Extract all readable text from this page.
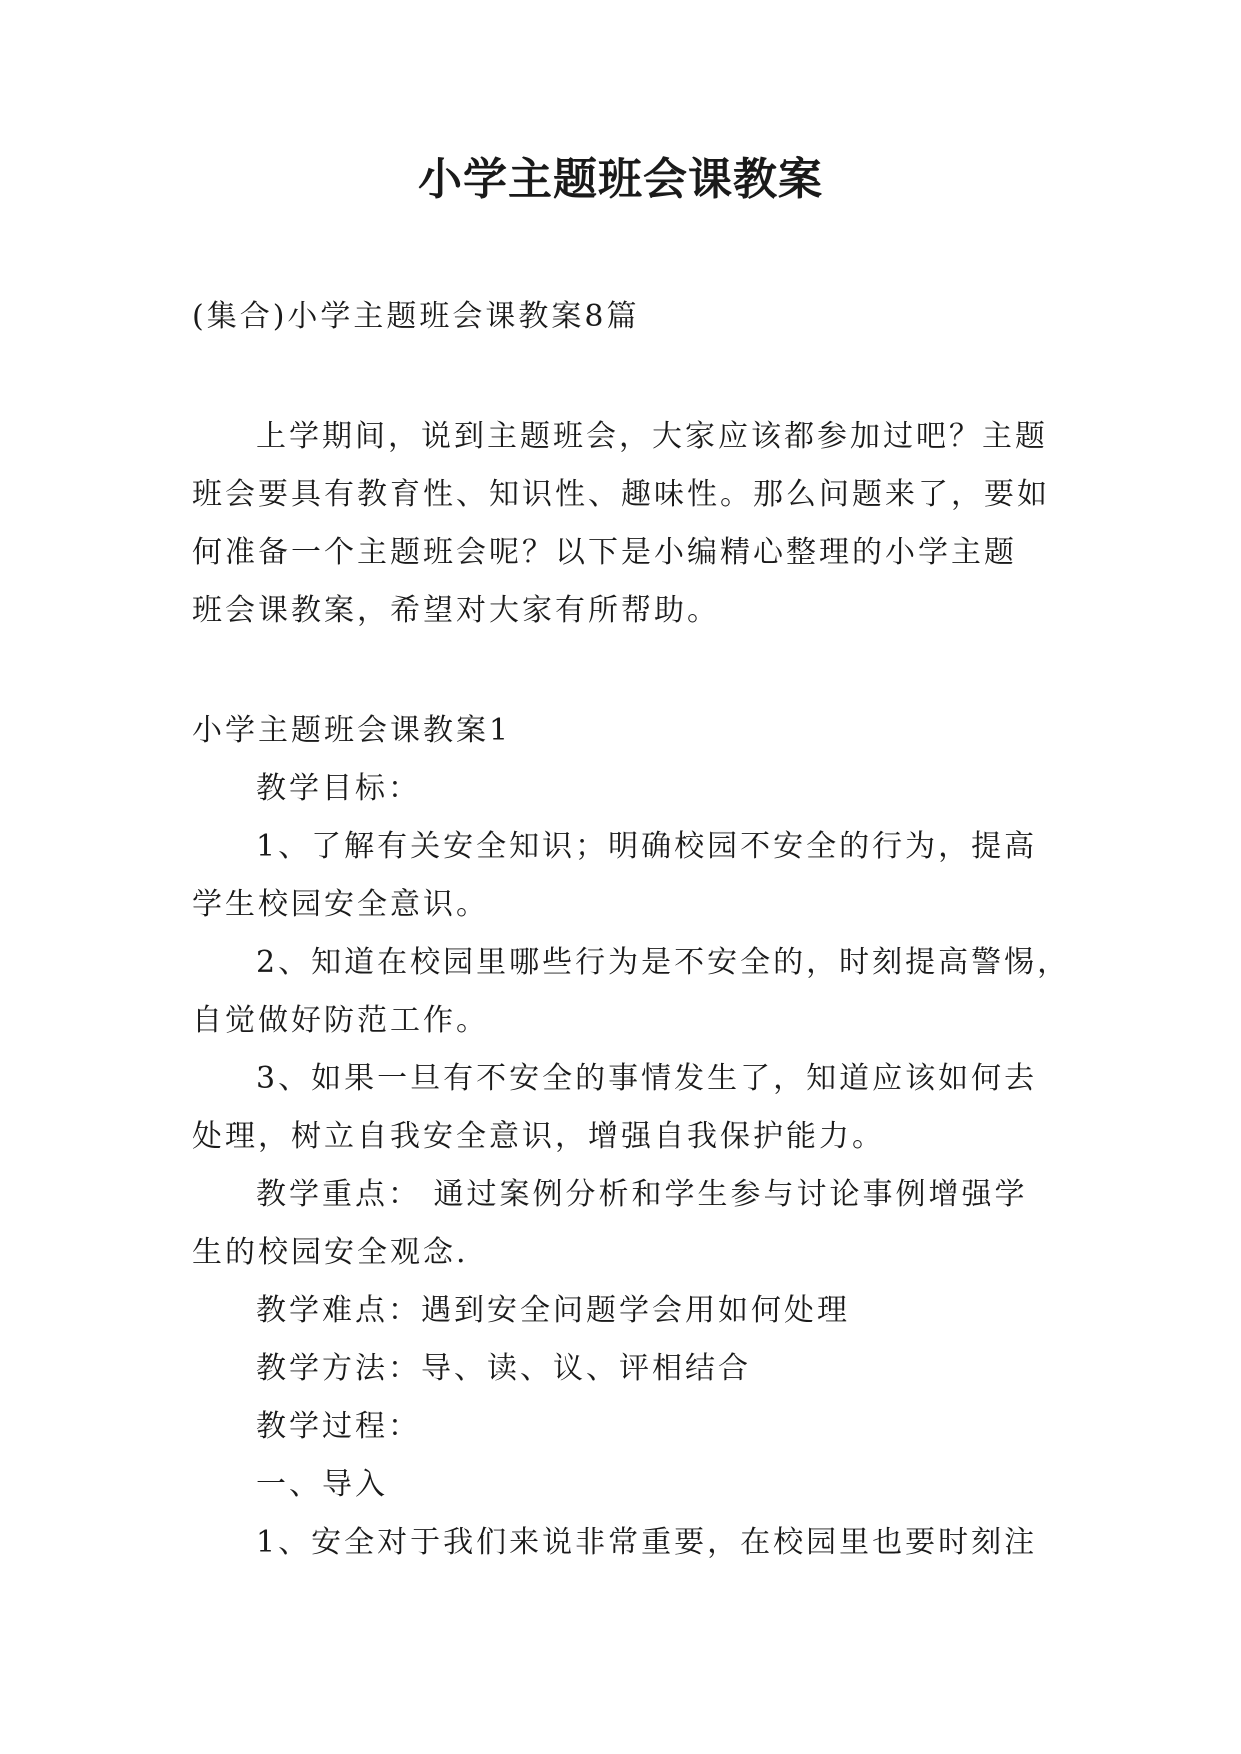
小学主题班会课教案

(集合)小学主题班会课教案8篇

上学期间，说到主题班会，大家应该都参加过吧？主题

班会要具有教育性、知识性、趣味性。那么问题来了，要如

何准备一个主题班会呢？以下是小编精心整理的小学主题

班会课教案，希望对大家有所帮助。

小学主题班会课教案1

教学目标：

1、了解有关安全知识；明确校园不安全的行为，提高

学生校园安全意识。

2、知道在校园里哪些行为是不安全的，时刻提高警惕，

自觉做好防范工作。

3、如果一旦有不安全的事情发生了，知道应该如何去

处理，树立自我安全意识，增强自我保护能力。

教学重点： 通过案例分析和学生参与讨论事例增强学

生的校园安全观念.

教学难点：遇到安全问题学会用如何处理

教学方法：导、读、议、评相结合

教学过程：

一、导入

1、安全对于我们来说非常重要，在校园里也要时刻注
